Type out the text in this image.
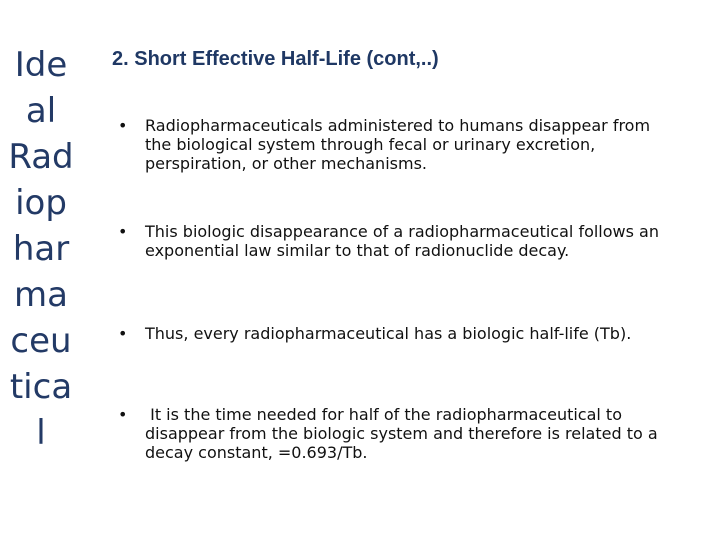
Ide
al
Rad
iop
har
ma
ceu
tica
l
2. Short Effective Half-Life (cont,..)
• Radiopharmaceuticals administered to humans disappear from the biological system through fecal or urinary excretion, perspiration, or other mechanisms.
• This biologic disappearance of a radiopharmaceutical follows an exponential law similar to that of radionuclide decay.
• Thus, every radiopharmaceutical has a biologic half-life (Tb).
• It is the time needed for half of the radiopharmaceutical to disappear from the biologic system and therefore is related to a decay constant, =0.693/Tb.
